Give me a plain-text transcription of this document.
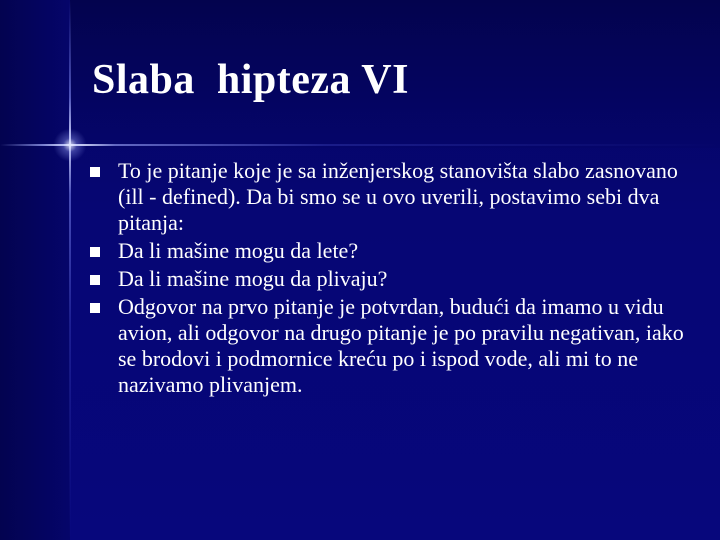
Slaba  hipteza VI
To je pitanje koje je sa inženjerskog stanovišta slabo zasnovano (ill - defined). Da bi smo se u ovo uverili, postavimo sebi dva pitanja:
Da li mašine mogu da lete?
Da li mašine mogu da plivaju?
Odgovor na prvo pitanje je potvrdan, budući da imamo u vidu avion, ali odgovor na drugo pitanje je po pravilu negativan, iako se brodovi i podmornice kreću po i ispod vode, ali mi to ne nazivamo plivanjem.
